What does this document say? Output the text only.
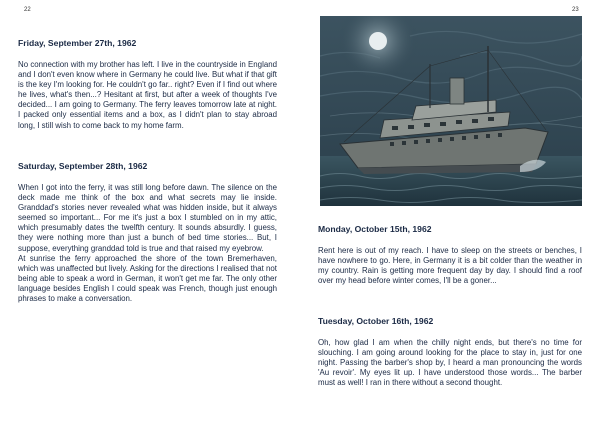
22
Friday, September 27th, 1962

No connection with my brother has left. I live in the countryside in England and I don't even know where in Germany he could live. But what if that gift is the key I'm looking for. He couldn't go far.. right? Even if I find out where he lives, what's then...? Hesitant at first, but after a week of thoughts I've decided... I am going to Germany. The ferry leaves tomorrow late at night. I packed only essential items and a box, as I didn't plan to stay abroad long, I still wish to come back to my home farm.

Saturday, September 28th, 1962

When I got into the ferry, it was still long before dawn. The silence on the deck made me think of the box and what secrets may lie inside. Granddad's stories never revealed what was hidden inside, but it always seemed so important... For me it's just a box I stumbled on in my attic, which presumably dates the twelfth century. It sounds absurdly. I guess, they were nothing more than just a bunch of bed time stories... But, I suppose, everything granddad told is true and that raised my eyebrow.

At sunrise the ferry approached the shore of the town Bremerhaven, which was unaffected but lively. Asking for the directions I realised that not being able to speak a word in German, it won't get me far. The only other language besides English I could speak was French, though just enough phrases to make a conversation.

23
Monday, October 15th, 1962

Rent here is out of my reach. I have to sleep on the streets or benches, I have nowhere to go. Here, in Germany it is a bit colder than the weather in my country. Rain is getting more frequent day by day. I should find a roof over my head before winter comes, I'll be a goner...

Tuesday, October 16th, 1962

Oh, how glad I am when the chilly night ends, but there's no time for slouching. I am going around looking for the place to stay in, just for one night. Passing the barber's shop by, I heard a man pronouncing the words 'Au revoir'. My eyes lit up. I have understood those words... The barber must as well! I ran in there without a second thought.
